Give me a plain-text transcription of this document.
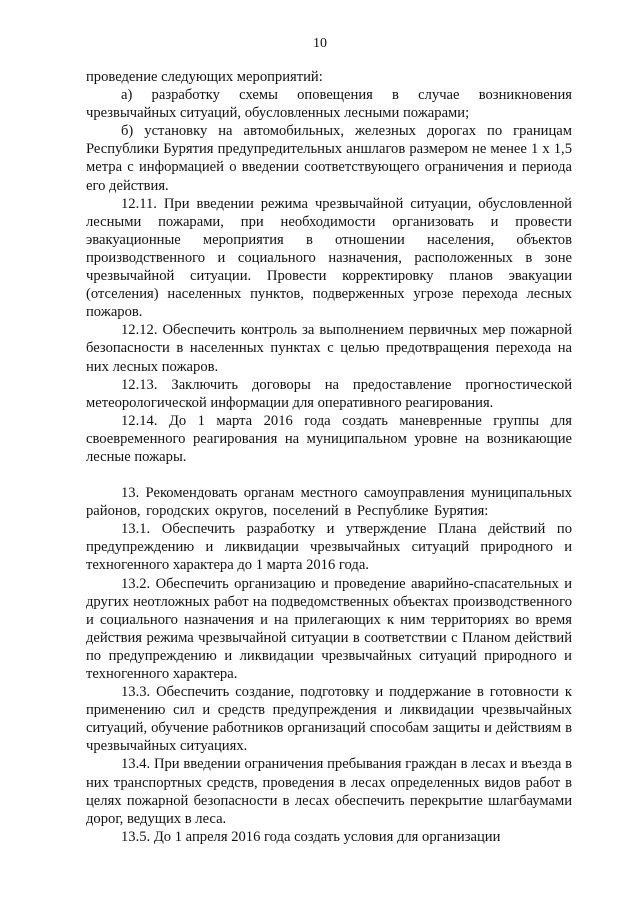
10

проведение следующих мероприятий:

а) разработку схемы оповещения в случае возникновения чрезвычайных ситуаций, обусловленных лесными пожарами;

б) установку на автомобильных, железных дорогах по границам Республики Бурятия предупредительных аншлагов размером не менее 1 х 1,5 метра с информацией о введении соответствующего ограничения и периода его действия.

12.11. При введении режима чрезвычайной ситуации, обусловленной лесными пожарами, при необходимости организовать и провести эвакуационные мероприятия в отношении населения, объектов производственного и социального назначения, расположенных в зоне чрезвычайной ситуации. Провести корректировку планов эвакуации (отселения) населенных пунктов, подверженных угрозе перехода лесных пожаров.

12.12. Обеспечить контроль за выполнением первичных мер пожарной безопасности в населенных пунктах с целью предотвращения перехода на них лесных пожаров.

12.13. Заключить договоры на предоставление прогностической метеорологической информации для оперативного реагирования.

12.14. До 1 марта 2016 года создать маневренные группы для своевременного реагирования на муниципальном уровне на возникающие лесные пожары.

13. Рекомендовать органам местного самоуправления муниципальных районов, городских округов, поселений в Республике Бурятия:

13.1. Обеспечить разработку и утверждение Плана действий по предупреждению и ликвидации чрезвычайных ситуаций природного и техногенного характера до 1 марта 2016 года.

13.2. Обеспечить организацию и проведение аварийно-спасательных и других неотложных работ на подведомственных объектах производственного и социального назначения и на прилегающих к ним территориях во время действия режима чрезвычайной ситуации в соответствии с Планом действий по предупреждению и ликвидации чрезвычайных ситуаций природного и техногенного характера.

13.3. Обеспечить создание, подготовку и поддержание в готовности к применению сил и средств предупреждения и ликвидации чрезвычайных ситуаций, обучение работников организаций способам защиты и действиям в чрезвычайных ситуациях.

13.4. При введении ограничения пребывания граждан в лесах и въезда в них транспортных средств, проведения в лесах определенных видов работ в целях пожарной безопасности в лесах обеспечить перекрытие шлагбаумами дорог, ведущих в леса.

13.5. До 1 апреля 2016 года создать условия для организации
